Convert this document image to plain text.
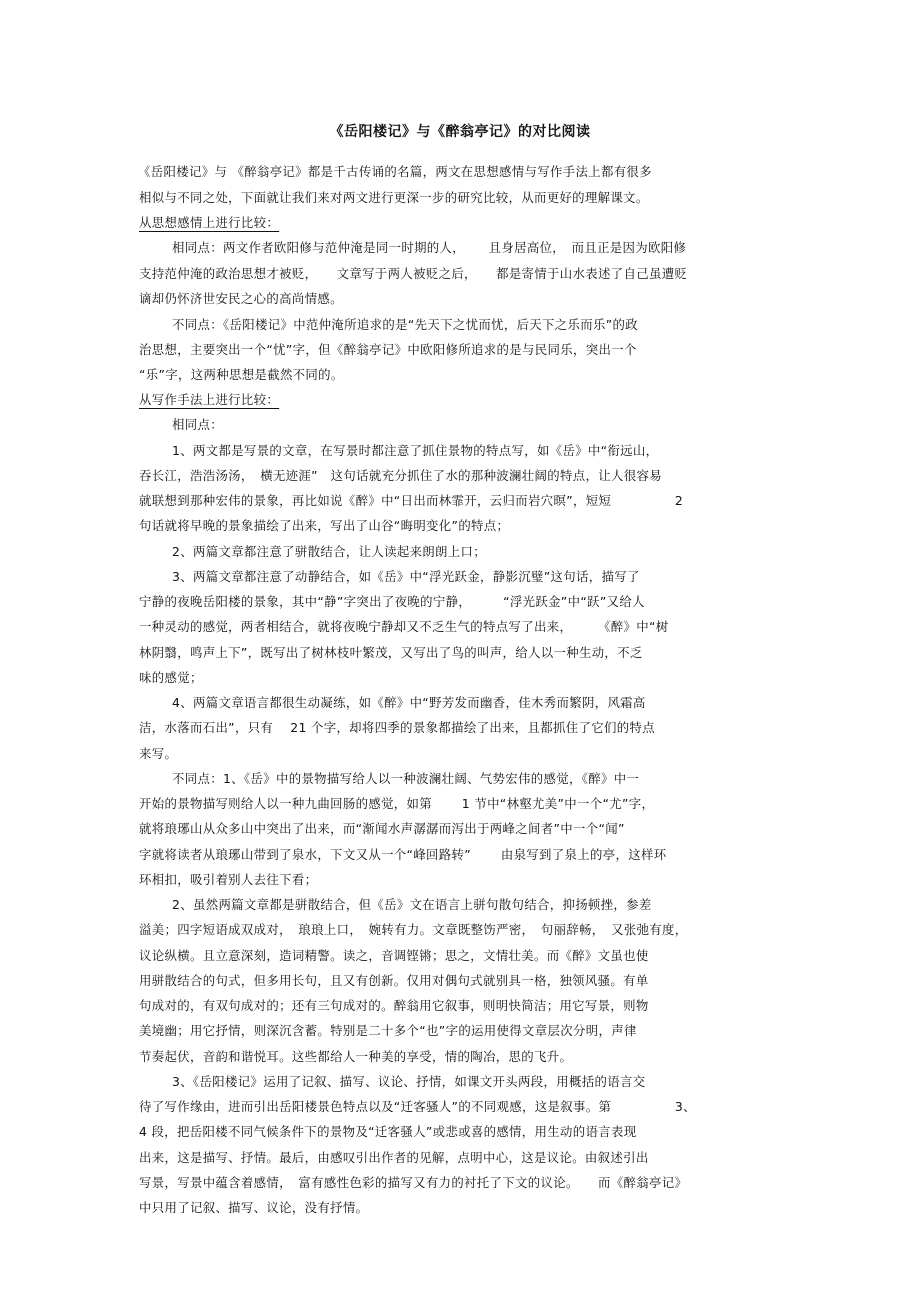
《岳阳楼记》与《醉翁亭记》的对比阅读
《岳阳楼记》与 《醉翁亭记》都是千古传诵的名篇，两文在思想感情与写作手法上都有很多
相似与不同之处，下面就让我们来对两文进行更深一步的研究比较，从而更好的理解课文。
从思想感情上进行比较：
相同点：两文作者欧阳修与范仲淹是同一时期的人，　　 且身居高位，　而且正是因为欧阳修
支持范仲淹的政治思想才被贬，　　文章写于两人被贬之后，　　都是寄情于山水表述了自己虽遭贬
谪却仍怀济世安民之心的高尚情感。
不同点：《岳阳楼记》中范仲淹所追求的是“先天下之忧而忧，后天下之乐而乐”的政
治思想，主要突出一个“忧”字，但《醉翁亭记》中欧阳修所追求的是与民同乐，突出一个
“乐”字，这两种思想是截然不同的。
从写作手法上进行比较：
相同点：
1、两文都是写景的文章，在写景时都注意了抓住景物的特点写，如《岳》中“衔远山，
吞长江，浩浩汤汤，　横无迹涯”　这句话就充分抓住了水的那种波澜壮阔的特点，让人很容易
就联想到那种宏伟的景象，再比如说《醉》中“日出而林霏开，云归而岩穴暝”，短短　　　　　2
句话就将早晚的景象描绘了出来，写出了山谷“晦明变化”的特点；
2、两篇文章都注意了骈散结合，让人读起来朗朗上口；
3、两篇文章都注意了动静结合，如《岳》中“浮光跃金，静影沉璧”这句话，描写了
宁静的夜晚岳阳楼的景象，其中“静”字突出了夜晚的宁静，　　　“浮光跃金”中“跃”又给人
一种灵动的感觉，两者相结合，就将夜晚宁静却又不乏生气的特点写了出来，　　　《醉》中“树
林阴翳，鸣声上下”，既写出了树林枝叶繁茂，又写出了鸟的叫声，给人以一种生动，不乏
味的感觉；
4、两篇文章语言都很生动凝练，如《醉》中“野芳发而幽香，佳木秀而繁阴，风霜高
洁，水落而石出”，只有　 21 个字，却将四季的景象都描绘了出来，且都抓住了它们的特点
来写。
不同点：1、《岳》中的景物描写给人以一种波澜壮阔、气势宏伟的感觉，《醉》中一
开始的景物描写则给人以一种九曲回肠的感觉，如第　　 1 节中“林壑尤美”中一个“尤”字，
就将琅琊山从众多山中突出了出来，而“渐闻水声潺潺而泻出于两峰之间者”中一个“闻”
字就将读者从琅琊山带到了泉水，下文又从一个“峰回路转”　　 由泉写到了泉上的亭，这样环
环相扣，吸引着别人去往下看；
2、虽然两篇文章都是骈散结合，但《岳》文在语言上骈句散句结合，抑扬顿挫，参差
溢美；四字短语成双成对，　琅琅上口，　婉转有力。文章既整饬严密，　句丽辞畅，　又张弛有度，
议论纵横。且立意深刻，造词精警。读之，音调铿锵；思之，文情壮美。而《醉》文虽也使
用骈散结合的句式，但多用长句，且又有创新。仅用对偶句式就别具一格，独领风骚。有单
句成对的，有双句成对的；还有三句成对的。醉翁用它叙事，则明快简洁；用它写景，则物
美境幽；用它抒情，则深沉含蓄。特别是二十多个“也”字的运用使得文章层次分明，声律
节奏起伏，音韵和谐悦耳。这些都给人一种美的享受，情的陶冶，思的飞升。
3、《岳阳楼记》运用了记叙、描写、议论、抒情，如课文开头两段，用概括的语言交
待了写作缘由，进而引出岳阳楼景色特点以及“迁客骚人”的不同观感，这是叙事。第　　　　　3、
4 段，把岳阳楼不同气候条件下的景物及“迁客骚人”或悲或喜的感情，用生动的语言表现
出来，这是描写、抒情。最后，由感叹引出作者的见解，点明中心，这是议论。由叙述引出
写景，写景中蕴含着感情，　富有感性色彩的描写又有力的衬托了下文的议论。　　而《醉翁亭记》
中只用了记叙、描写、议论，没有抒情。
